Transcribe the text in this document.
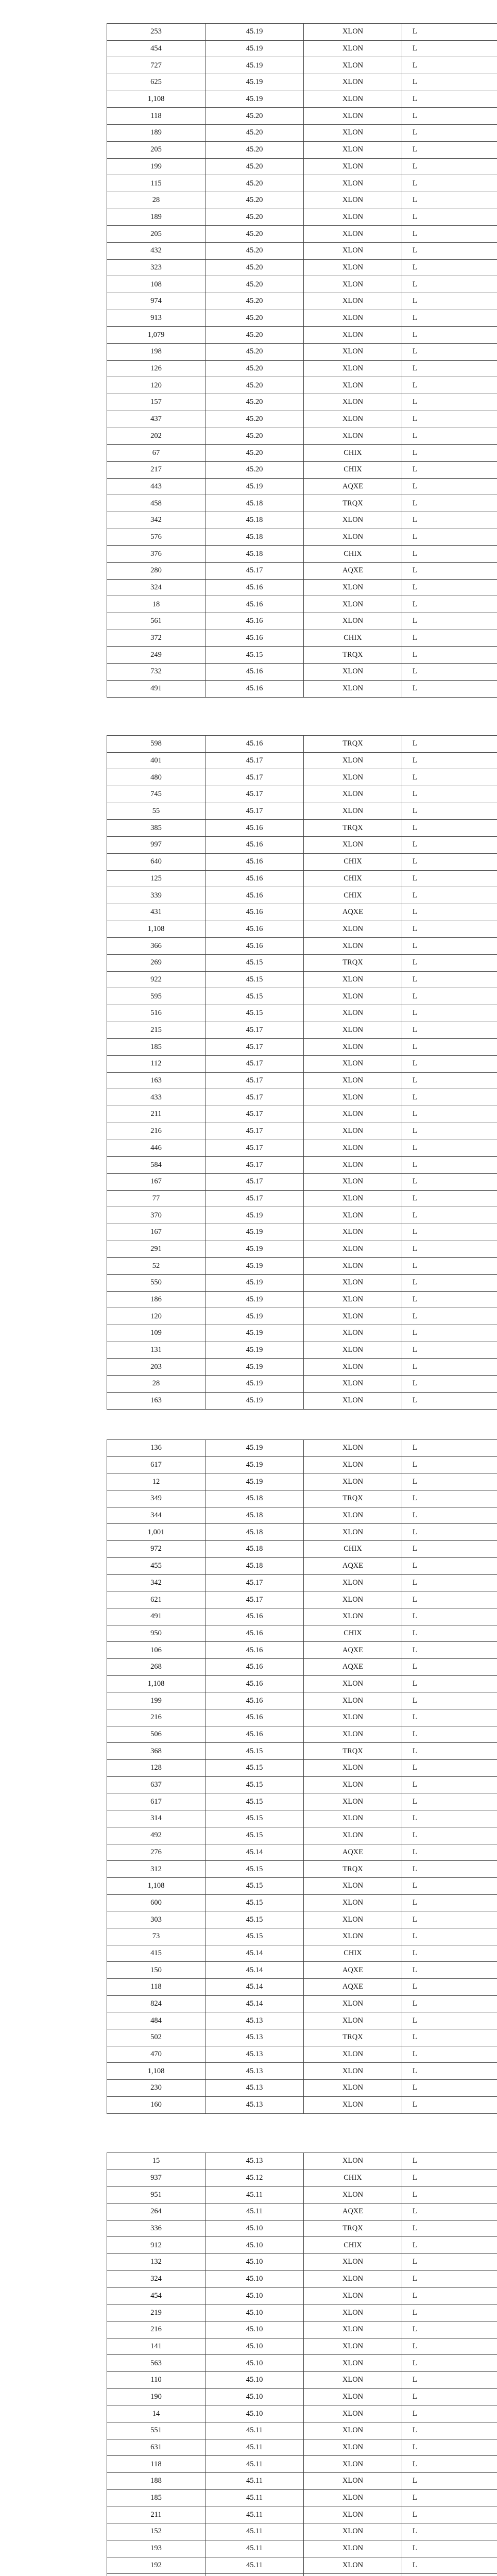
253	45.19	XLON	L
454	45.19	XLON	L
727	45.19	XLON	L
625	45.19	XLON	L
1,108	45.19	XLON	L
118	45.20	XLON	L
189	45.20	XLON	L
205	45.20	XLON	L
199	45.20	XLON	L
115	45.20	XLON	L
28	45.20	XLON	L
189	45.20	XLON	L
205	45.20	XLON	L
432	45.20	XLON	L
323	45.20	XLON	L
108	45.20	XLON	L
974	45.20	XLON	L
913	45.20	XLON	L
1,079	45.20	XLON	L
198	45.20	XLON	L
126	45.20	XLON	L
120	45.20	XLON	L
157	45.20	XLON	L
437	45.20	XLON	L
202	45.20	XLON	L
67	45.20	CHIX	L
217	45.20	CHIX	L
443	45.19	AQXE	L
458	45.18	TRQX	L
342	45.18	XLON	L
576	45.18	XLON	L
376	45.18	CHIX	L
280	45.17	AQXE	L
324	45.16	XLON	L
18	45.16	XLON	L
561	45.16	XLON	L
372	45.16	CHIX	L
249	45.15	TRQX	L
732	45.16	XLON	L
491	45.16	XLON	L
598	45.16	TRQX	L
401	45.17	XLON	L
480	45.17	XLON	L
745	45.17	XLON	L
55	45.17	XLON	L
385	45.16	TRQX	L
997	45.16	XLON	L
640	45.16	CHIX	L
125	45.16	CHIX	L
339	45.16	CHIX	L
431	45.16	AQXE	L
1,108	45.16	XLON	L
366	45.16	XLON	L
269	45.15	TRQX	L
922	45.15	XLON	L
595	45.15	XLON	L
516	45.15	XLON	L
215	45.17	XLON	L
185	45.17	XLON	L
112	45.17	XLON	L
163	45.17	XLON	L
433	45.17	XLON	L
211	45.17	XLON	L
216	45.17	XLON	L
446	45.17	XLON	L
584	45.17	XLON	L
167	45.17	XLON	L
77	45.17	XLON	L
370	45.19	XLON	L
167	45.19	XLON	L
291	45.19	XLON	L
52	45.19	XLON	L
550	45.19	XLON	L
186	45.19	XLON	L
120	45.19	XLON	L
109	45.19	XLON	L
131	45.19	XLON	L
203	45.19	XLON	L
28	45.19	XLON	L
163	45.19	XLON	L
136	45.19	XLON	L
617	45.19	XLON	L
12	45.19	XLON	L
349	45.18	TRQX	L
344	45.18	XLON	L
1,001	45.18	XLON	L
972	45.18	CHIX	L
455	45.18	AQXE	L
342	45.17	XLON	L
621	45.17	XLON	L
491	45.16	XLON	L
950	45.16	CHIX	L
106	45.16	AQXE	L
268	45.16	AQXE	L
1,108	45.16	XLON	L
199	45.16	XLON	L
216	45.16	XLON	L
506	45.16	XLON	L
368	45.15	TRQX	L
128	45.15	XLON	L
637	45.15	XLON	L
617	45.15	XLON	L
314	45.15	XLON	L
492	45.15	XLON	L
276	45.14	AQXE	L
312	45.15	TRQX	L
1,108	45.15	XLON	L
600	45.15	XLON	L
303	45.15	XLON	L
73	45.15	XLON	L
415	45.14	CHIX	L
150	45.14	AQXE	L
118	45.14	AQXE	L
824	45.14	XLON	L
484	45.13	XLON	L
502	45.13	TRQX	L
470	45.13	XLON	L
1,108	45.13	XLON	L
230	45.13	XLON	L
160	45.13	XLON	L
15	45.13	XLON	L
937	45.12	CHIX	L
951	45.11	XLON	L
264	45.11	AQXE	L
336	45.10	TRQX	L
912	45.10	CHIX	L
132	45.10	XLON	L
324	45.10	XLON	L
454	45.10	XLON	L
219	45.10	XLON	L
216	45.10	XLON	L
141	45.10	XLON	L
563	45.10	XLON	L
110	45.10	XLON	L
190	45.10	XLON	L
14	45.10	XLON	L
551	45.11	XLON	L
631	45.11	XLON	L
118	45.11	XLON	L
188	45.11	XLON	L
185	45.11	XLON	L
211	45.11	XLON	L
152	45.11	XLON	L
193	45.11	XLON	L
192	45.11	XLON	L
